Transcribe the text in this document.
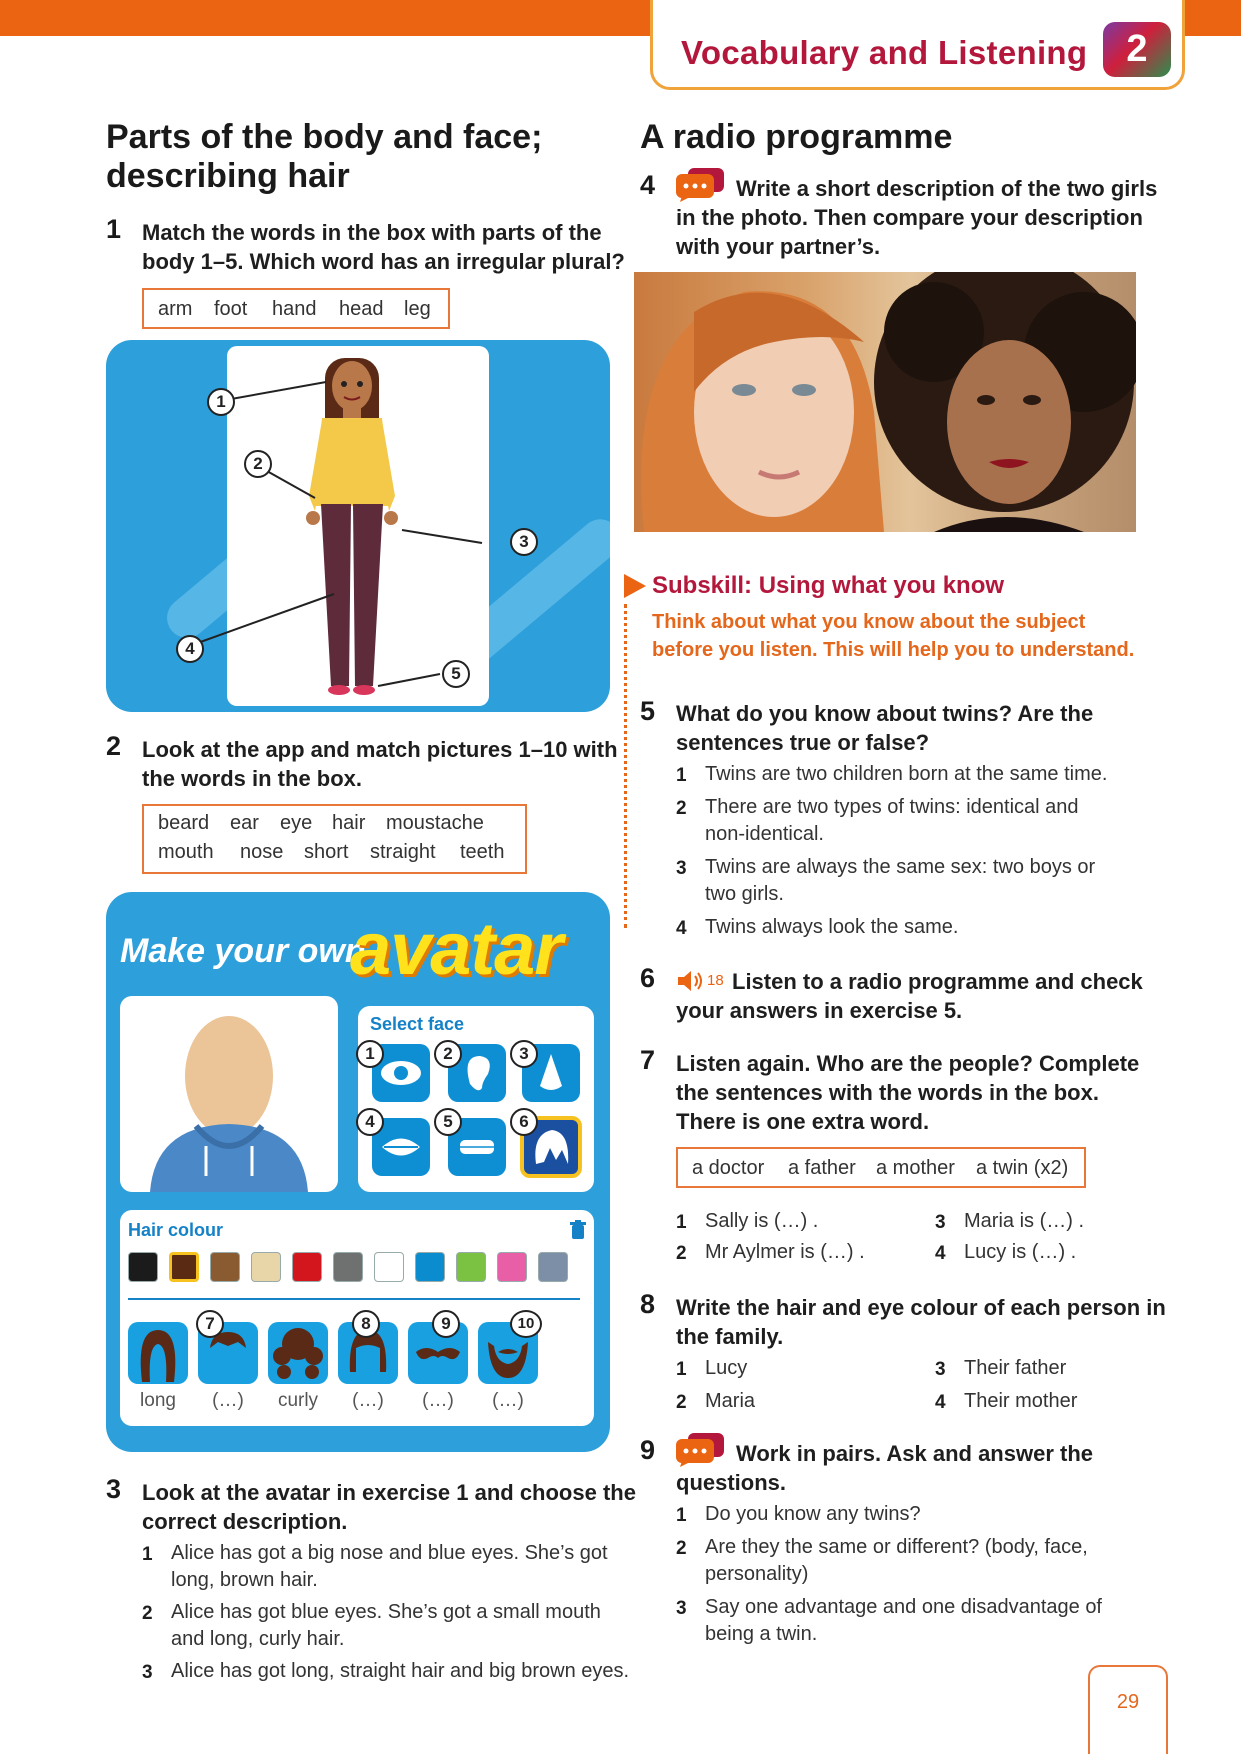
Vocabulary and Listening	2
Parts of the body and face;
describing hair
1 Match the words in the box with parts of the
body 1–5. Which word has an irregular plural?
arm foot hand head leg
1
2
3
4
5
2 Look at the app and match pictures 1–10 with
the words in the box.
beard ear eye hair moustache
mouth nose short straight teeth
Make your own
avatar
Select face
Hair colour
long	(…)	curly	(…)	(…)	(…)
1	2	3
4	5	6
7	8	9	10
3 Look at the avatar in exercise 1 and choose the
correct description.
1 Alice has got a big nose and blue eyes. She’s got
long, brown hair.
2 Alice has got blue eyes. She’s got a small mouth
and long, curly hair.
3 Alice has got long, straight hair and big brown eyes.
A radio programme
4	Write a short description of the two girls
in the photo. Then compare your description
with your partner’s.
Subskill: Using what you know
Think about what you know about the subject
before you listen. This will help you to understand.
5 What do you know about twins? Are the
sentences true or false?
1 Twins are two children born at the same time.
2 There are two types of twins: identical and
non-identical.
3 Twins are always the same sex: two boys or
two girls.
4 Twins always look the same.
6	18 Listen to a radio programme and check
your answers in exercise 5.
7 Listen again. Who are the people? Complete
the sentences with the words in the box.
There is one extra word.
a doctor a father a mother a twin (x2)
1 Sally is (…) .
2 Mr Aylmer is (…) .
3 Maria is (…) .
4 Lucy is (…) .
8 Write the hair and eye colour of each person in
the family.
1 Lucy
2 Maria
3 Their father
4 Their mother
9	Work in pairs. Ask and answer the
questions.
1 Do you know any twins?
2 Are they the same or different? (body, face,
personality)
3 Say one advantage and one disadvantage of
being a twin.
29
